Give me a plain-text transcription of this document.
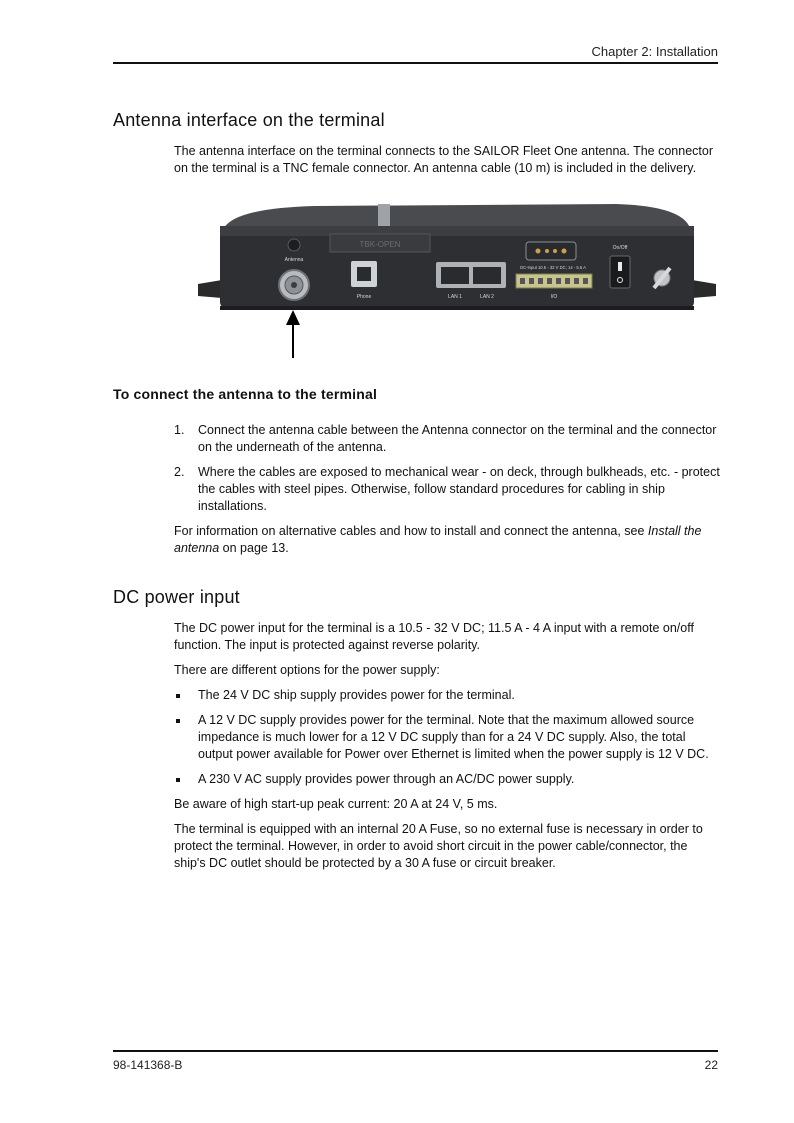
Chapter 2: Installation
Antenna interface on the terminal

The antenna interface on the terminal connects to the SAILOR Fleet One antenna. The connector on the terminal is a TNC female connector. An antenna cable (10 m) is included in the delivery.

TBK-OPEN
Antenna
Phone	LAN 1	LAN 2
DC-Input 10.5 - 32 V DC; 14 - 5.5 A
I/O
On/Off
To connect the antenna to the terminal
1. Connect the antenna cable between the Antenna connector on the terminal and the connector on the underneath of the antenna.
2. Where the cables are exposed to mechanical wear - on deck, through bulkheads, etc. - protect the cables with steel pipes. Otherwise, follow standard procedures for cabling in ship installations.

For information on alternative cables and how to install and connect the antenna, see Install the antenna on page 13.

DC power input

The DC power input for the terminal is a 10.5 - 32 V DC; 11.5 A - 4 A input with a remote on/off function. The input is protected against reverse polarity.

There are different options for the power supply:

The 24 V DC ship supply provides power for the terminal.
A 12 V DC supply provides power for the terminal. Note that the maximum allowed source impedance is much lower for a 12 V DC supply than for a 24 V DC supply. Also, the total output power available for Power over Ethernet is limited when the power supply is 12 V DC.
A 230 V AC supply provides power through an AC/DC power supply.

Be aware of high start-up peak current: 20 A at 24 V, 5 ms.

The terminal is equipped with an internal 20 A Fuse, so no external fuse is necessary in order to protect the terminal. However, in order to avoid short circuit in the power cable/connector, the ship's DC outlet should be protected by a 30 A fuse or circuit breaker.

98-141368-B	22
